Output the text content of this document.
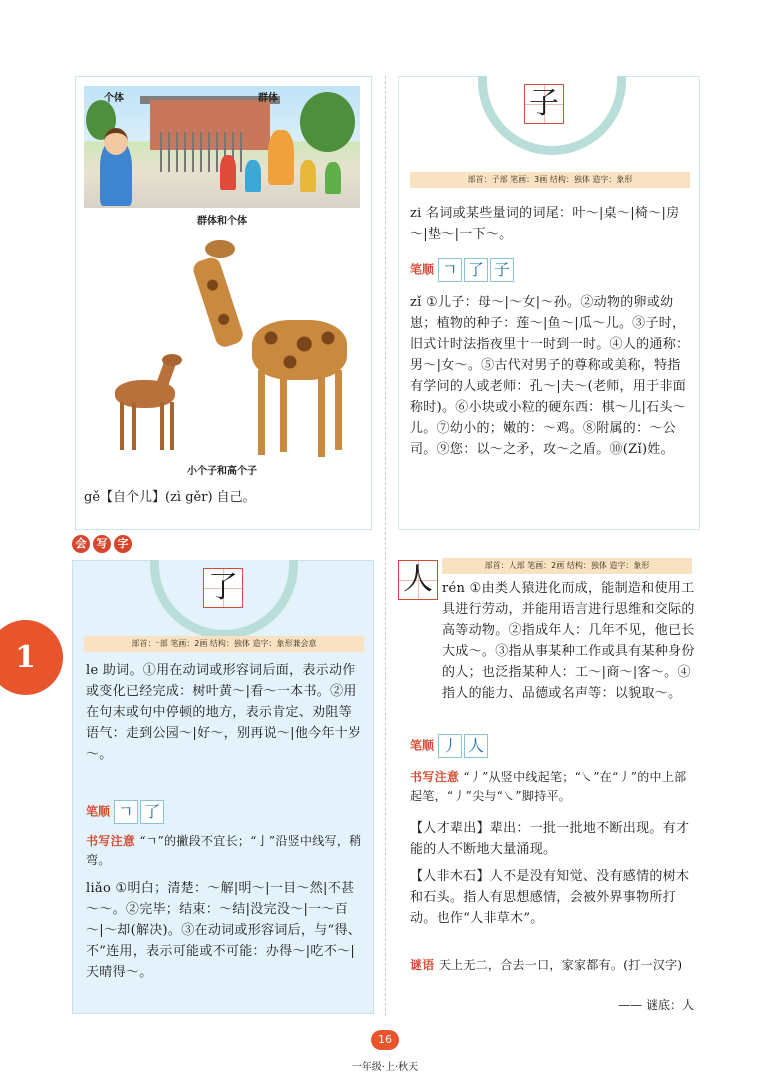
个体	群体
群体和个体
小个子和高个子
gě【自个儿】(zì gěr) 自己。
会 写 字
了
部首：⁻部 笔画：2画 结构：独体 造字：象形兼会意
le 助词。①用在动词或形容词后面，表示动作或变化已经完成：树叶黄～|看～一本书。②用在句末或句中停顿的地方，表示肯定、劝阻等语气：走到公园～|好～，别再说～|他今年十岁～。
笔顺 ㄱ 了
书写注意 “ㄱ”的撇段不宜长；“亅”沿竖中线写，稍弯。
liǎo ①明白；清楚：～解|明～|一目～然|不甚～～。②完毕；结束：～结|没完没～|一～百～|～却(解决)。③在动词或形容词后，与“得、不”连用，表示可能或不可能：办得～|吃不～|天晴得～。
1
子
部首：子部 笔画：3画 结构：独体 造字：象形
zi 名词或某些量词的词尾：叶～|桌～|椅～|房～|垫～|一下～。
笔顺 ㄱ 了 子
zǐ ①儿子：母～|～女|～孙。②动物的卵或幼崽；植物的种子：莲～|鱼～|瓜～儿。③子时，旧式计时法指夜里十一时到一时。④人的通称：男～|女～。⑤古代对男子的尊称或美称，特指有学问的人或老师：孔～|夫～(老师，用于非面称时)。⑥小块或小粒的硬东西：棋～儿|石头～儿。⑦幼小的；嫩的：～鸡。⑧附属的：～公司。⑨您：以～之矛，攻～之盾。⑩(Zǐ)姓。
人	部首：人部 笔画：2画 结构：独体 造字：象形
rén ①由类人猿进化而成，能制造和使用工具进行劳动，并能用语言进行思维和交际的高等动物。②指成年人：几年不见，他已长大成～。③指从事某种工作或具有某种身份的人；也泛指某种人：工～|商～|客～。④指人的能力、品德或名声等：以貌取～。
笔顺 丿 人
书写注意 “丿”从竖中线起笔；“㇏”在“丿”的中上部起笔，“丿”尖与“㇏”脚持平。
【人才辈出】辈出：一批一批地不断出现。有才能的人不断地大量涌现。
【人非木石】人不是没有知觉、没有感情的树木和石头。指人有思想感情，会被外界事物所打动。也作“人非草木”。
谜语 天上无二，合去一口，家家都有。(打一汉字)
—— 谜底：人
16
一年级·上·秋天
